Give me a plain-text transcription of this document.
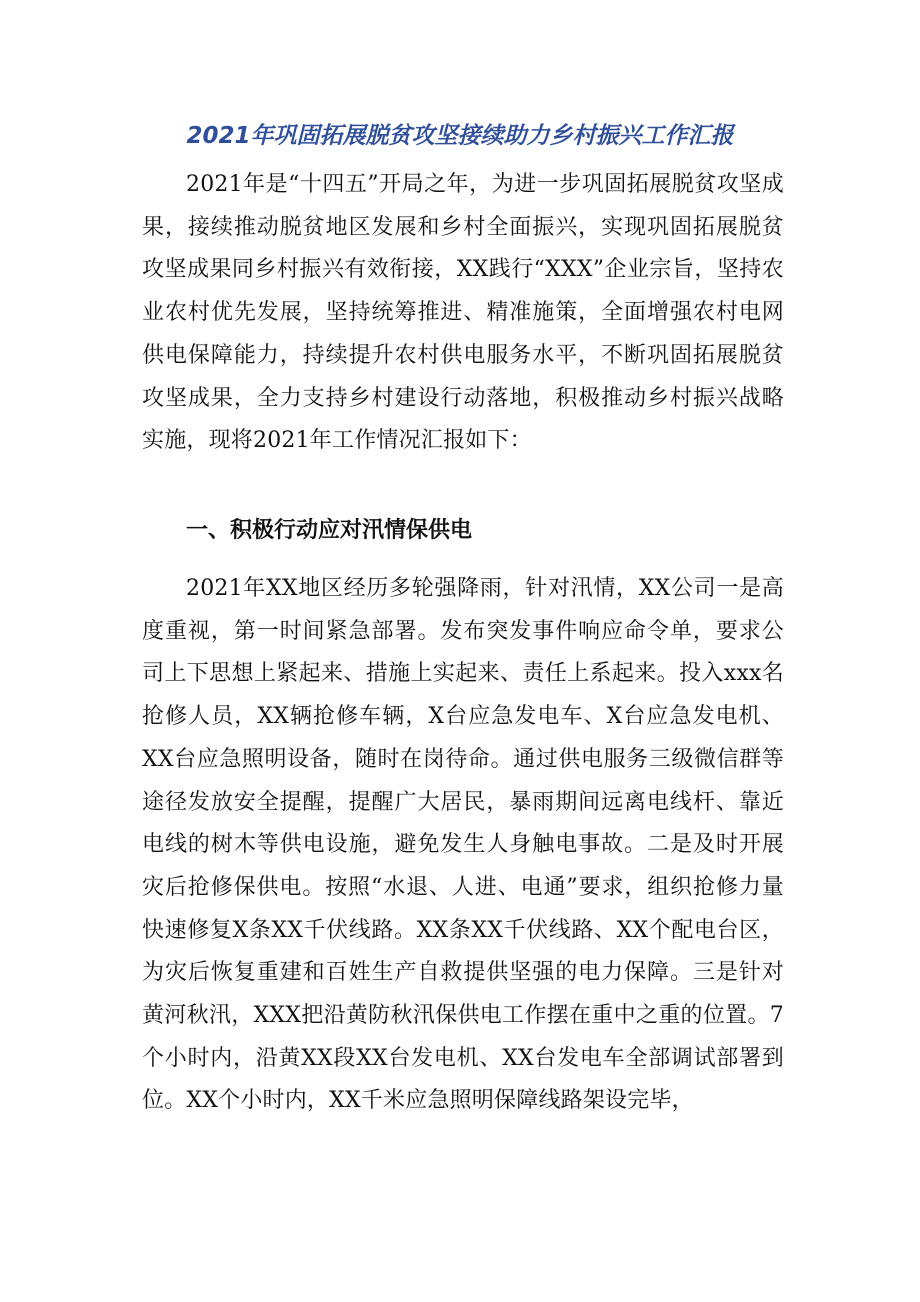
2021年巩固拓展脱贫攻坚接续助力乡村振兴工作汇报

2021年是“十四五”开局之年，为进一步巩固拓展脱贫攻坚成果，接续推动脱贫地区发展和乡村全面振兴，实现巩固拓展脱贫攻坚成果同乡村振兴有效衔接，XX践行“XXX”企业宗旨，坚持农业农村优先发展，坚持统筹推进、精准施策，全面增强农村电网供电保障能力，持续提升农村供电服务水平，不断巩固拓展脱贫攻坚成果，全力支持乡村建设行动落地，积极推动乡村振兴战略实施，现将2021年工作情况汇报如下：

一、积极行动应对汛情保供电

2021年XX地区经历多轮强降雨，针对汛情，XX公司一是高度重视，第一时间紧急部署。发布突发事件响应命令单，要求公司上下思想上紧起来、措施上实起来、责任上系起来。投入xxx名抢修人员，XX辆抢修车辆，X台应急发电车、X台应急发电机、XX台应急照明设备，随时在岗待命。通过供电服务三级微信群等途径发放安全提醒，提醒广大居民，暴雨期间远离电线杆、靠近电线的树木等供电设施，避免发生人身触电事故。二是及时开展灾后抢修保供电。按照“水退、人进、电通”要求，组织抢修力量快速修复X条XX千伏线路。XX条XX千伏线路、XX个配电台区，为灾后恢复重建和百姓生产自救提供坚强的电力保障。三是针对黄河秋汛，XXX把沿黄防秋汛保供电工作摆在重中之重的位置。7个小时内，沿黄XX段XX台发电机、XX台发电车全部调试部署到位。XX个小时内，XX千米应急照明保障线路架设完毕，
